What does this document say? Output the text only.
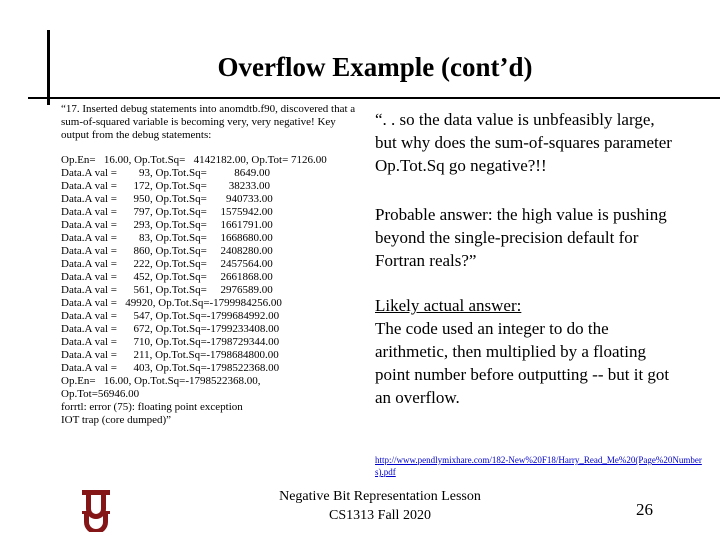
Overflow Example (cont’d)

“17. Inserted debug statements into anomdtb.f90, discovered that a sum-of-squared variable is becoming very, very negative! Key output from the debug statements:

Op.En=   16.00, Op.Tot.Sq=   4142182.00, Op.Tot= 7126.00
Data.A val =        93, Op.Tot.Sq=          8649.00
Data.A val =      172, Op.Tot.Sq=        38233.00
Data.A val =      950, Op.Tot.Sq=       940733.00
Data.A val =      797, Op.Tot.Sq=     1575942.00
Data.A val =      293, Op.Tot.Sq=     1661791.00
Data.A val =        83, Op.Tot.Sq=     1668680.00
Data.A val =      860, Op.Tot.Sq=     2408280.00
Data.A val =      222, Op.Tot.Sq=     2457564.00
Data.A val =      452, Op.Tot.Sq=     2661868.00
Data.A val =      561, Op.Tot.Sq=     2976589.00
Data.A val =   49920, Op.Tot.Sq=-1799984256.00
Data.A val =      547, Op.Tot.Sq=-1799684992.00
Data.A val =      672, Op.Tot.Sq=-1799233408.00
Data.A val =      710, Op.Tot.Sq=-1798729344.00
Data.A val =      211, Op.Tot.Sq=-1798684800.00
Data.A val =      403, Op.Tot.Sq=-1798522368.00
Op.En=   16.00, Op.Tot.Sq=-1798522368.00,
Op.Tot=56946.00
forrtl: error (75): floating point exception
IOT trap (core dumped)”

“. . so the data value is unbfeasibly large, but why does the sum-of-squares parameter Op.Tot.Sq go negative?!!

Probable answer: the high value is pushing beyond the single-precision default for Fortran reals?”

Likely actual answer:

The code used an integer to do the arithmetic, then multiplied by a floating point number before outputting -- but it got an overflow.

http://www.pendlymixhare.com/182-New%20F18/Harry_Read_Me%20(Page%20Numbers).pdf
Negative Bit Representation Lesson
CS1313 Fall 2020	26
